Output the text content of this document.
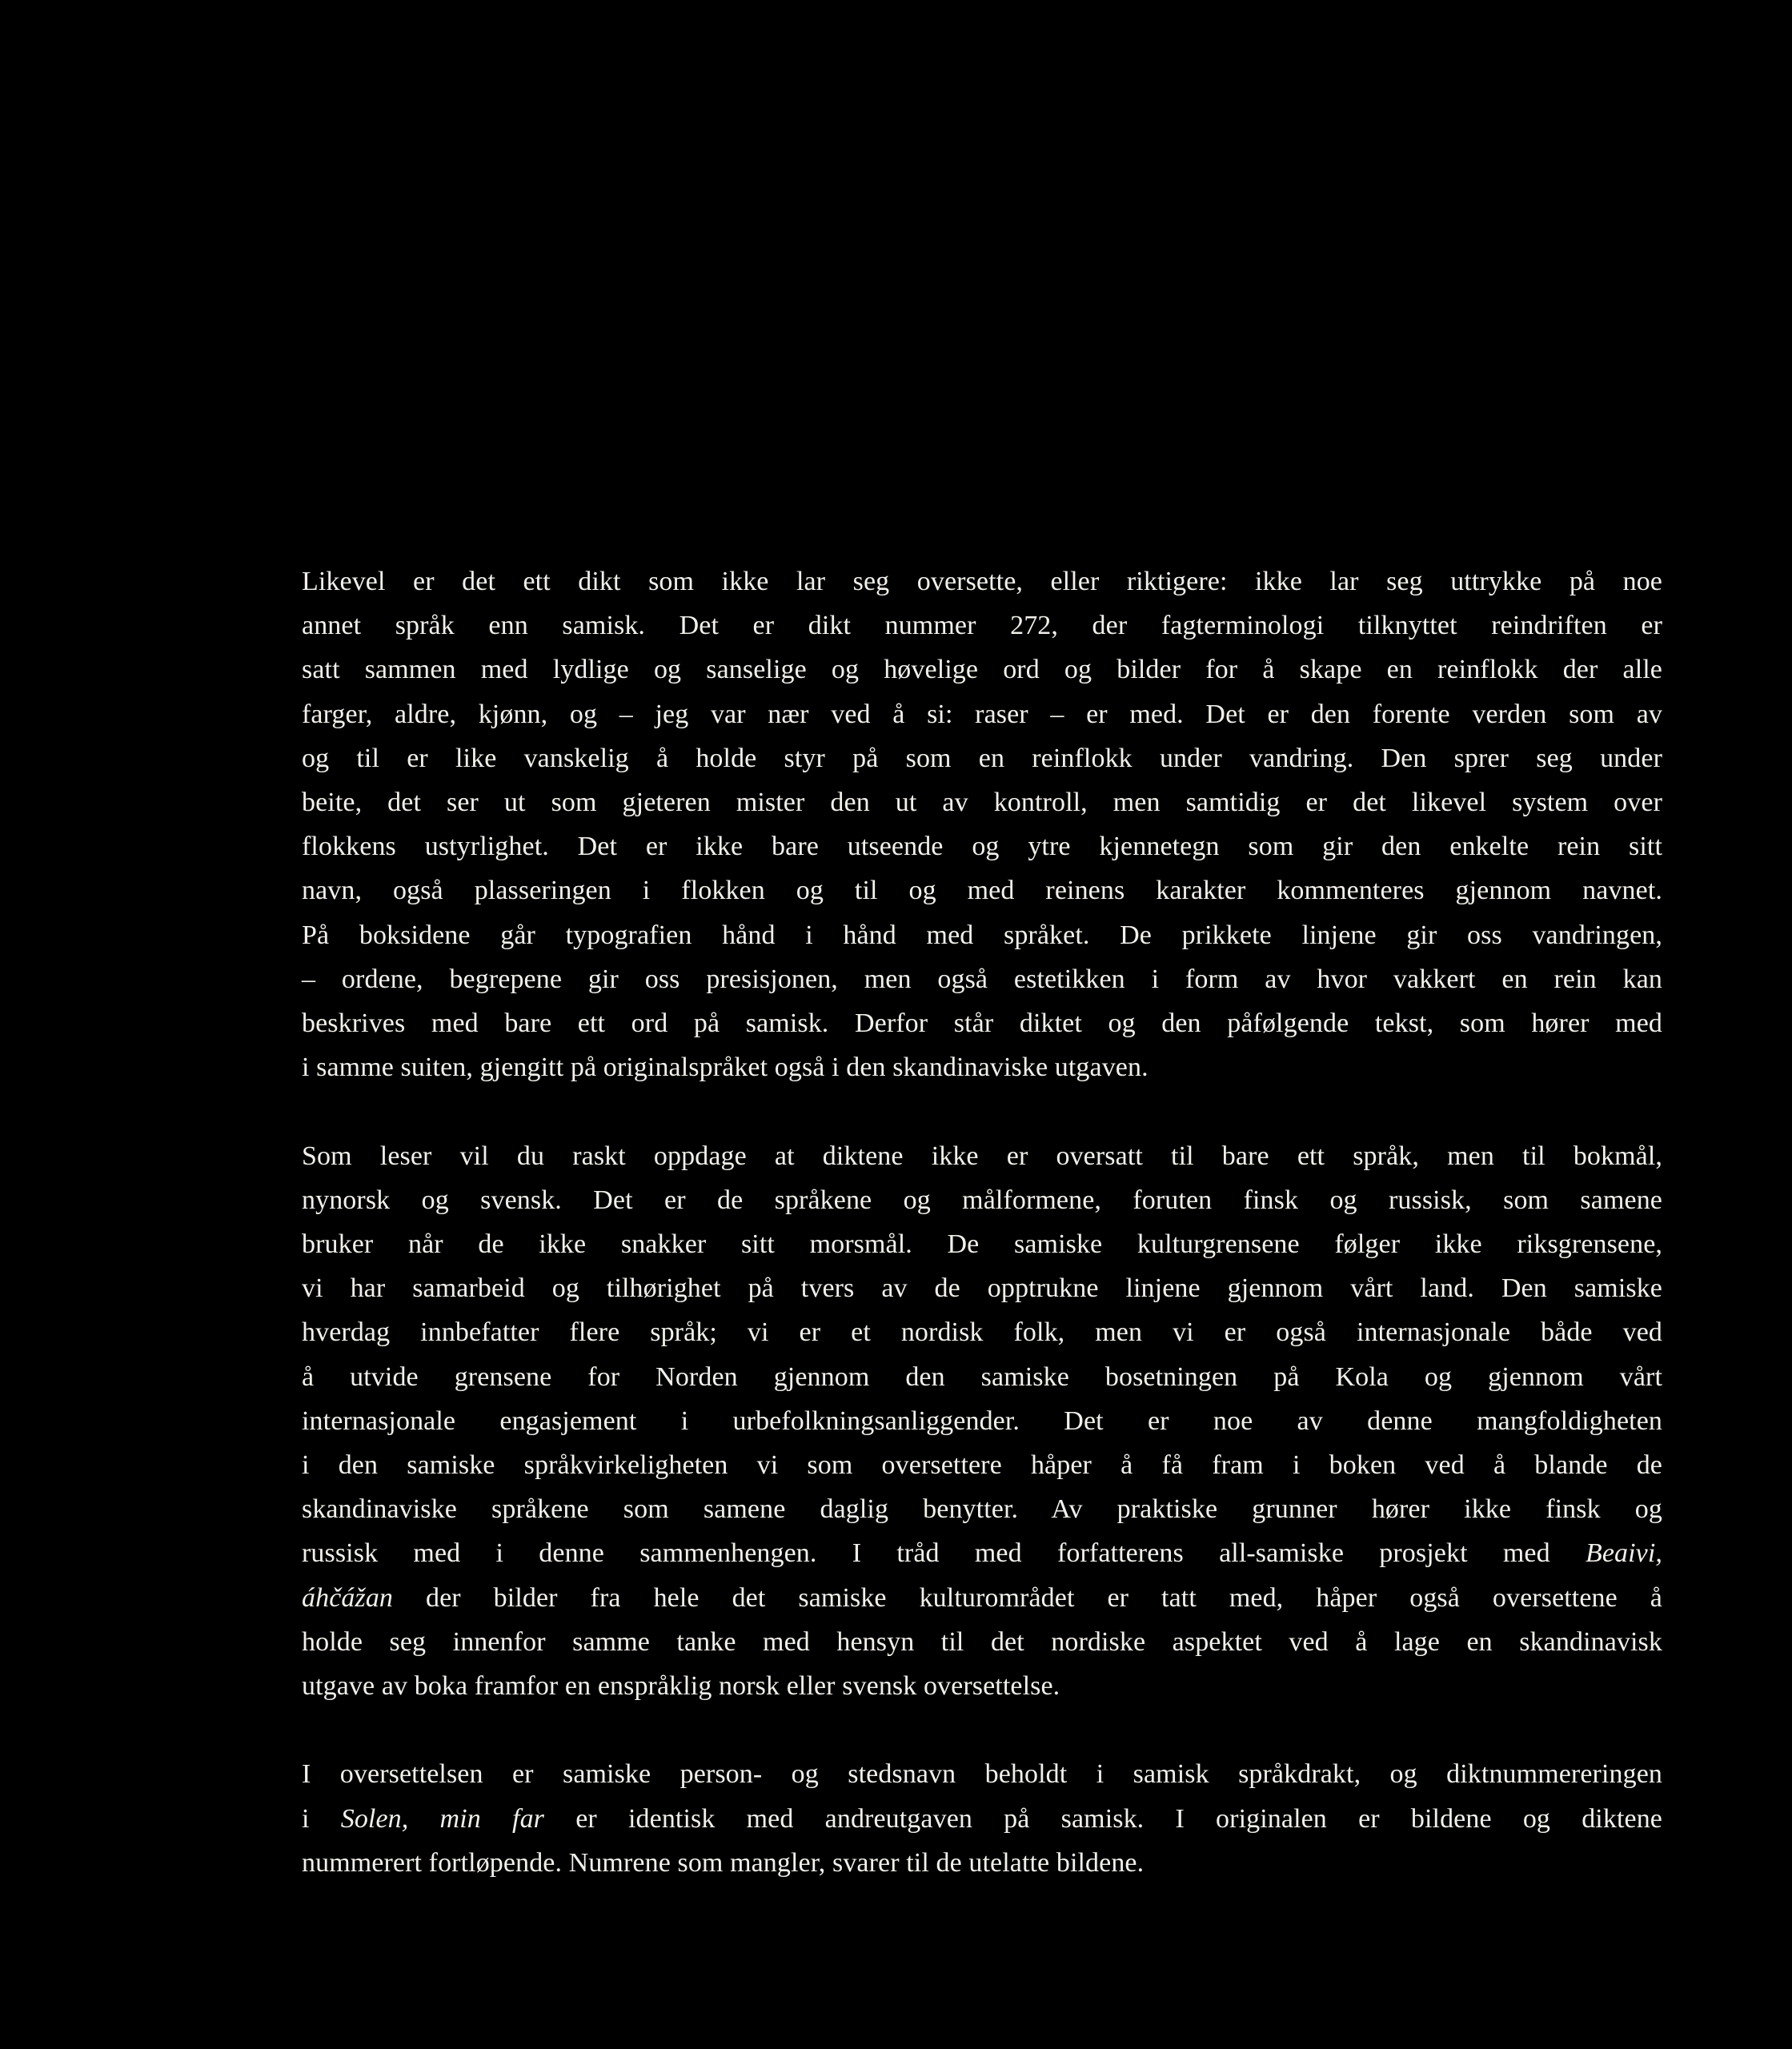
Likevel er det ett dikt som ikke lar seg oversette, eller riktigere: ikke lar seg uttrykke på noe
annet språk enn samisk. Det er dikt nummer 272, der fagterminologi tilknyttet reindriften er
satt sammen med lydlige og sanselige og høvelige ord og bilder for å skape en reinflokk der alle
farger, aldre, kjønn, og – jeg var nær ved å si: raser – er med. Det er den forente verden som av
og til er like vanskelig å holde styr på som en reinflokk under vandring. Den sprer seg under
beite, det ser ut som gjeteren mister den ut av kontroll, men samtidig er det likevel system over
flokkens ustyrlighet. Det er ikke bare utseende og ytre kjennetegn som gir den enkelte rein sitt
navn, også plasseringen i flokken og til og med reinens karakter kommenteres gjennom navnet.
På boksidene går typografien hånd i hånd med språket. De prikkete linjene gir oss vandringen,
– ordene, begrepene gir oss presisjonen, men også estetikken i form av hvor vakkert en rein kan
beskrives med bare ett ord på samisk. Derfor står diktet og den påfølgende tekst, som hører med
i samme suiten, gjengitt på originalspråket også i den skandinaviske utgaven.
Som leser vil du raskt oppdage at diktene ikke er oversatt til bare ett språk, men til bokmål,
nynorsk og svensk. Det er de språkene og målformene, foruten finsk og russisk, som samene
bruker når de ikke snakker sitt morsmål. De samiske kulturgrensene følger ikke riksgrensene,
vi har samarbeid og tilhørighet på tvers av de opptrukne linjene gjennom vårt land. Den samiske
hverdag innbefatter flere språk; vi er et nordisk folk, men vi er også internasjonale både ved
å utvide grensene for Norden gjennom den samiske bosetningen på Kola og gjennom vårt
internasjonale engasjement i urbefolkningsanliggender. Det er noe av denne mangfoldigheten
i den samiske språkvirkeligheten vi som oversettere håper å få fram i boken ved å blande de
skandinaviske språkene som samene daglig benytter. Av praktiske grunner hører ikke finsk og
russisk med i denne sammenhengen. I tråd med forfatterens all-samiske prosjekt med Beaivi,
áhčážan der bilder fra hele det samiske kulturområdet er tatt med, håper også oversettene å
holde seg innenfor samme tanke med hensyn til det nordiske aspektet ved å lage en skandinavisk
utgave av boka framfor en enspråklig norsk eller svensk oversettelse.
I oversettelsen er samiske person- og stedsnavn beholdt i samisk språkdrakt, og diktnummereringen
i Solen, min far er identisk med andreutgaven på samisk. I originalen er bildene og diktene
nummerert fortløpende. Numrene som mangler, svarer til de utelatte bildene.
